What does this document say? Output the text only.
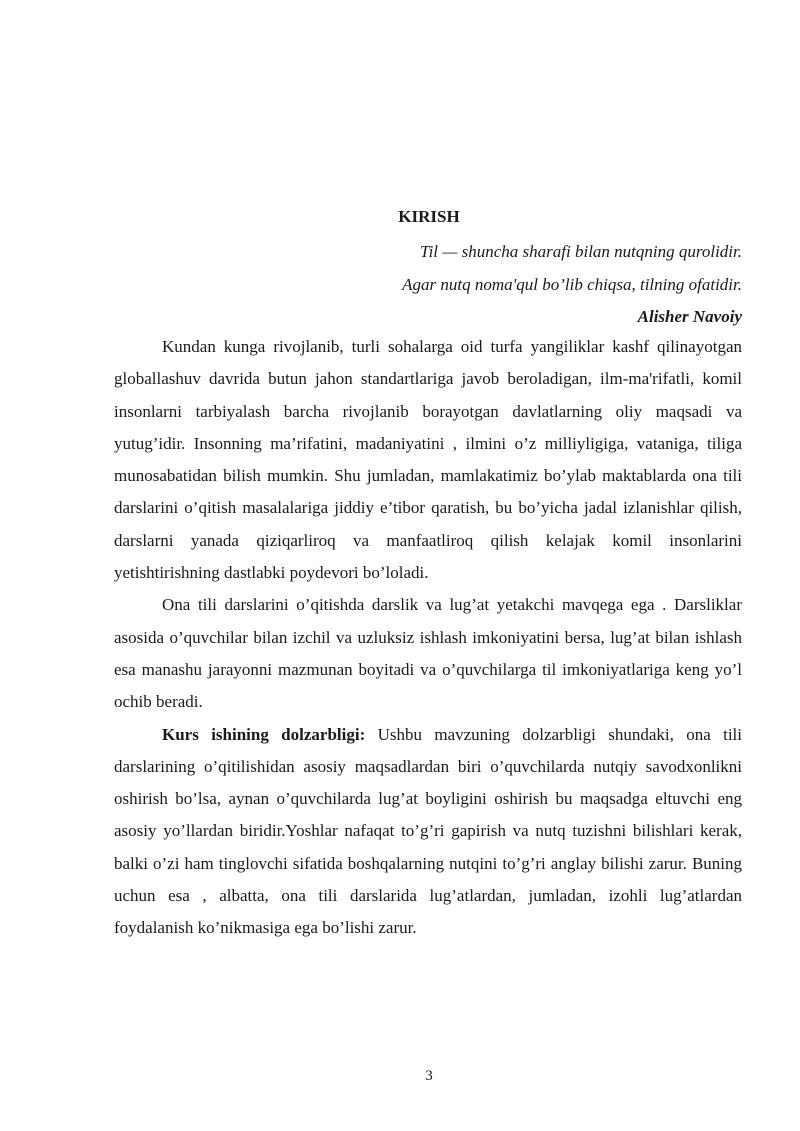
KIRISH
Til — shuncha sharafi bilan nutqning qurolidir.
Agar nutq noma'qul bo’lib chiqsa, tilning ofatidir.
Alisher Navoiy

Kundan kunga rivojlanib, turli sohalarga oid turfa yangiliklar kashf qilinayotgan globallashuv davrida butun jahon standartlariga javob beroladigan, ilm-ma'rifatli, komil insonlarni tarbiyalash barcha rivojlanib borayotgan davlatlarning oliy maqsadi va yutug’idir. Insonning ma’rifatini, madaniyatini , ilmini o’z milliyligiga, vataniga, tiliga munosabatidan bilish mumkin. Shu jumladan, mamlakatimiz bo’ylab maktablarda ona tili darslarini o’qitish masalalariga jiddiy e’tibor qaratish, bu bo’yicha jadal izlanishlar qilish, darslarni yanada qiziqarliroq va manfaatliroq qilish kelajak komil insonlarini yetishtirishning dastlabki poydevori bo’loladi.

Ona tili darslarini o’qitishda darslik va lug’at yetakchi mavqega ega . Darsliklar asosida o’quvchilar bilan izchil va uzluksiz ishlash imkoniyatini bersa, lug’at bilan ishlash esa manashu jarayonni mazmunan boyitadi va o’quvchilarga til imkoniyatlariga keng yo’l ochib beradi.

Kurs ishining dolzarbligi: Ushbu mavzuning dolzarbligi shundaki, ona tili darslarining o’qitilishidan asosiy maqsadlardan biri o’quvchilarda nutqiy savodxonlikni oshirish bo’lsa, aynan o’quvchilarda lug’at boyligini oshirish bu maqsadga eltuvchi eng asosiy yo’llardan biridir.Yoshlar nafaqat to’g’ri gapirish va nutq tuzishni bilishlari kerak, balki o’zi ham tinglovchi sifatida boshqalarning nutqini to’g’ri anglay bilishi zarur. Buning uchun esa , albatta, ona tili darslarida lug’atlardan, jumladan, izohli lug’atlardan foydalanish ko’nikmasiga ega bo’lishi zarur.

3
